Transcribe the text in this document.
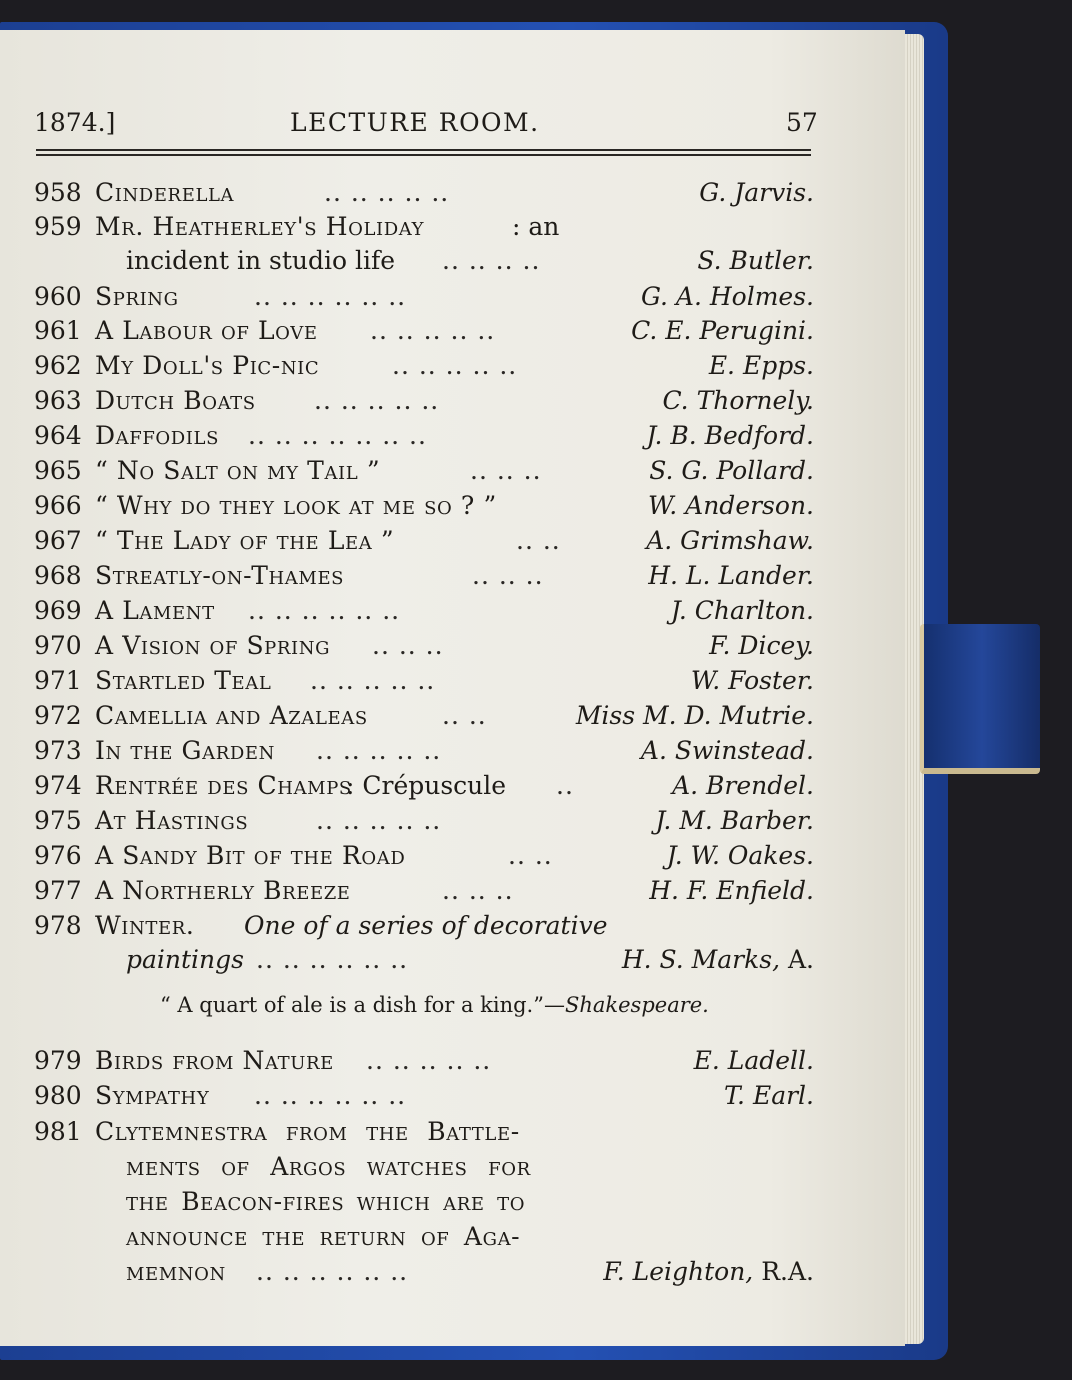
1874.]	LECTURE ROOM.	57
958 Cinderella	.. .. .. .. ..	G. Jarvis.
959 Mr. Heatherley's Holiday	: an
incident in studio life .. .. .. ..	S. Butler.
960 Spring	.. .. .. .. .. ..	G. A. Holmes.
961 A Labour of Love .. .. .. .. ..	C. E. Perugini.
962 My Doll's Pic-nic	.. .. .. .. ..	E. Epps.
963 Dutch Boats .. .. .. .. ..	C. Thornely.
964 Daffodils .. .. .. .. .. .. ..	J. B. Bedford.
965 “ No Salt on my Tail ”	.. .. ..	S. G. Pollard.
966 “ Why do they look at me so ? ”	W. Anderson.
967 “ The Lady of the Lea ”	.. ..	A. Grimshaw.
968 Streatly-on-Thames	.. .. ..	H. L. Lander.
969 A Lament .. .. .. .. .. ..	J. Charlton.
970 A Vision of Spring .. .. ..	F. Dicey.
971 Startled Teal .. .. .. .. ..	W. Foster.
972 Camellia and Azaleas	.. ..	Miss M. D. Mutrie.
973 In the Garden .. .. .. .. ..	A. Swinstead.
974 Rentrée des Champs
: Crépuscule ..	A. Brendel.
975 At Hastings	.. .. .. .. ..	J. M. Barber.
976 A Sandy Bit of the Road	.. ..	J. W. Oakes.
977 A Northerly Breeze	.. .. ..	H. F. Enfield.
978 Winter. One of a series of decorative
paintings .. .. .. .. .. ..	H. S. Marks, A.
“ A quart of ale is a dish for a king.”—Shakespeare.
979 Birds from Nature .. .. .. .. ..	E. Ladell.
980 Sympathy .. .. .. .. .. ..	T. Earl.
981 Clytemnestra from the Battle-
ments of Argos watches for
the Beacon-fires which are to
announce the return of Aga-
memnon .. .. .. .. .. ..	F. Leighton, R.A.
